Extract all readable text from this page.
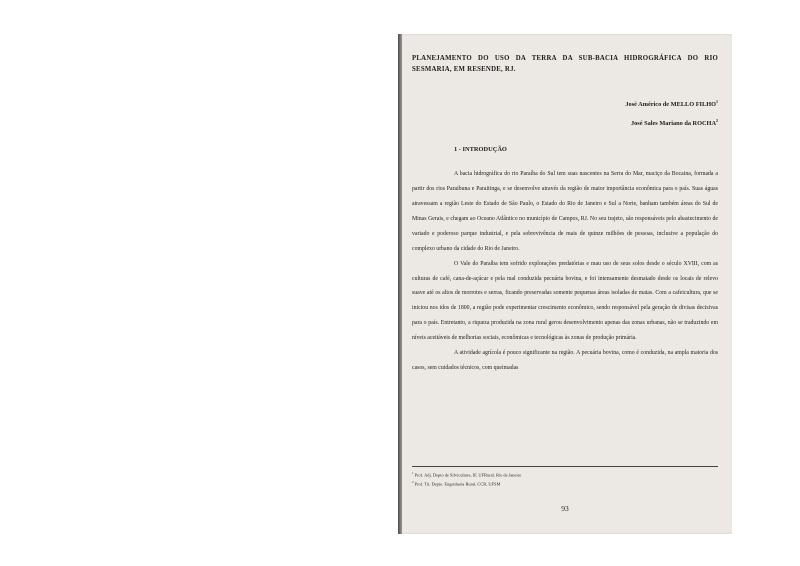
PLANEJAMENTO DO USO DA TERRA DA SUB-BACIA HIDROGRÁFICA DO RIO SESMARIA, EM RESENDE, RJ.
José Américo de MELLO FILHO$^1$
José Sales Mariano da ROCHA$^2$
1 - INTRODUÇÃO

A bacia hidrográfica do rio Paraíba do Sul tem suas nascentes na Serra do Mar, maciço da Bocaina, formada a partir dos rios Paraibuna e Paraitinga, e se desenvolve através da região de maior importância econômica para o país. Suas águas atravessam a região Leste do Estado de São Paulo, o Estado do Rio de Janeiro e Sul a Norte, banham também áreas do Sul de Minas Gerais, e chegam ao Oceano Atlântico no município de Campos, RJ. No seu trajeto, são responsáveis pelo abastecimento de variado e poderoso parque industrial, e pela sobrevivência de mais de quinze milhões de pessoas, inclusive a população do complexo urbano da cidade do Rio de Janeiro.

O Vale do Paraíba tem sofrido explorações predatórias e mau uso de seus solos desde o século XVIII, com as culturas de café, cana-de-açúcar e pela mal conduzida pecuária bovina, e foi intensamente desmatado desde os locais de relevo suave até os altos de morrotes e serras, ficando preservadas somente pequenas áreas isoladas de matas. Com a cafeicultura, que se iniciou nos idos de 1800, a região pode experimentar crescimento econômico, sendo responsável pela geração de divisas decisivas para o país. Entretanto, a riqueza produzida na zona rural gerou desenvolvimento apenas das zonas urbanas, não se traduzindo em níveis aceitáveis de melhorias sociais, econômicas e tecnológicas às zonas de produção primária.

A atividade agrícola é pouco significante na região. A pecuária bovina, como é conduzida, na ampla maioria dos casos, sem cuidados técnicos, com queimadas

$^1$ Prof. Adj. Depto de Silvicultura, IF, UFRural, Rio de Janeiro
$^2$ Prof. Tit. Depto. Engenharia Rural, CCR, UFSM
93
